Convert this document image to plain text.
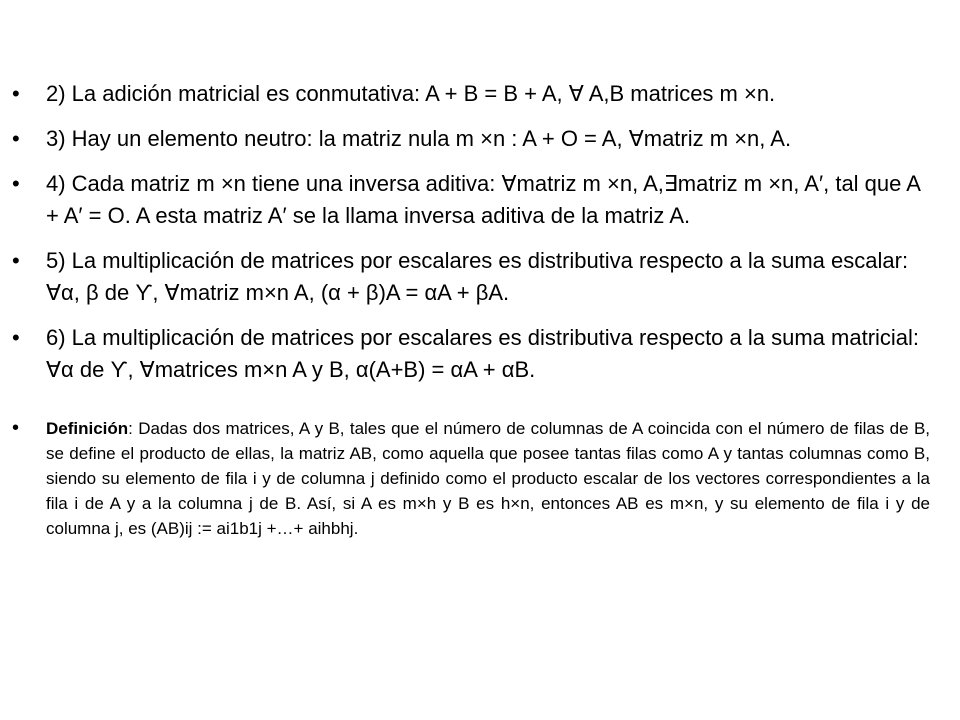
• 2) La adición matricial es conmutativa: A + B = B + A, ∀ A,B matrices m ×n.
• 3) Hay un elemento neutro: la matriz nula m ×n : A + O = A, ∀matriz m ×n, A.
• 4) Cada matriz m ×n tiene una inversa aditiva: ∀matriz m ×n, A,∃matriz m ×n, A′, tal que A + A′ = O. A esta matriz A′ se la llama inversa aditiva de la matriz A.
• 5) La multiplicación de matrices por escalares es distributiva respecto a la suma escalar: ∀α, β de ϒ, ∀matriz m×n A, (α + β)A = αA + βA.
• 6) La multiplicación de matrices por escalares es distributiva respecto a la suma matricial: ∀α de ϒ, ∀matrices m×n A y B, α(A+B) = αA + αB.
• Definición: Dadas dos matrices, A y B, tales que el número de columnas de A coincida con el número de filas de B, se define el producto de ellas, la matriz AB, como aquella que posee tantas filas como A y tantas columnas como B, siendo su elemento de fila i y de columna j definido como el producto escalar de los vectores correspondientes a la fila i de A y a la columna j de B. Así, si A es m×h y B es h×n, entonces AB es m×n, y su elemento de fila i y de columna j, es (AB)ij := ai1b1j +…+ aihbhj.
